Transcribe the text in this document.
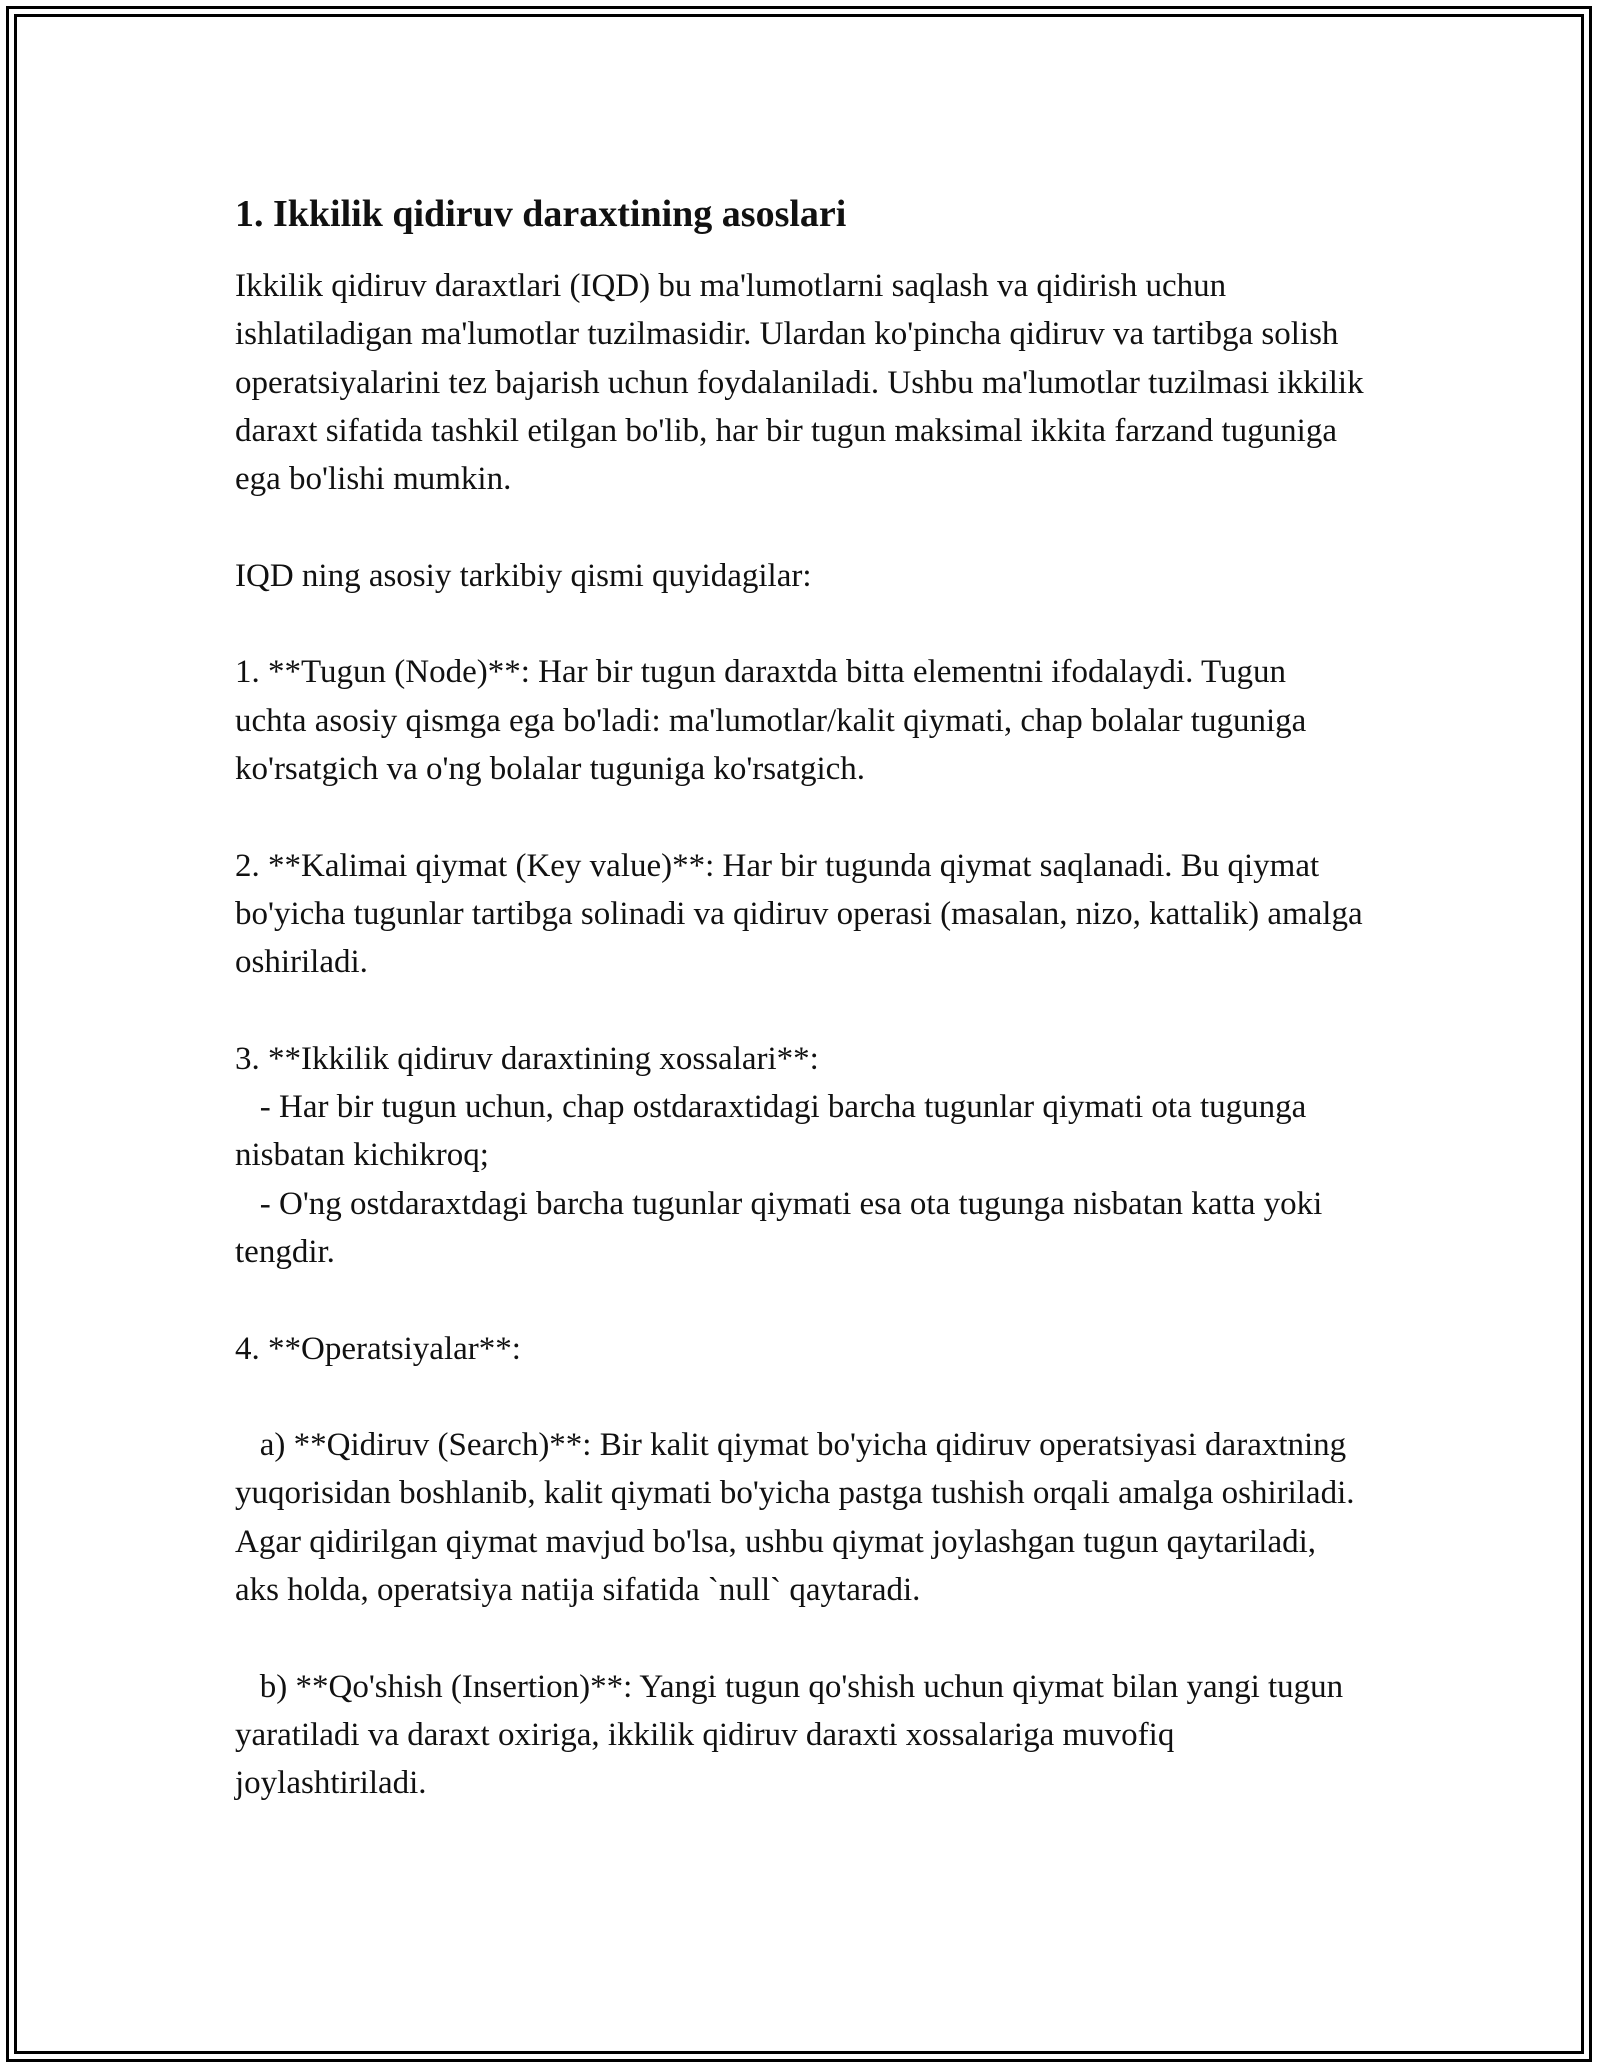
1. Ikkilik qidiruv daraxtining asoslari

Ikkilik qidiruv daraxtlari (IQD) bu ma'lumotlarni saqlash va qidirish uchun ishlatiladigan ma'lumotlar tuzilmasidir. Ulardan ko'pincha qidiruv va tartibga solish operatsiyalarini tez bajarish uchun foydalaniladi. Ushbu ma'lumotlar tuzilmasi ikkilik daraxt sifatida tashkil etilgan bo'lib, har bir tugun maksimal ikkita farzand tuguniga ega bo'lishi mumkin.

IQD ning asosiy tarkibiy qismi quyidagilar:

1. **Tugun (Node)**: Har bir tugun daraxtda bitta elementni ifodalaydi. Tugun uchta asosiy qismga ega bo'ladi: ma'lumotlar/kalit qiymati, chap bolalar tuguniga ko'rsatgich va o'ng bolalar tuguniga ko'rsatgich.

2. **Kalimai qiymat (Key value)**: Har bir tugunda qiymat saqlanadi. Bu qiymat bo'yicha tugunlar tartibga solinadi va qidiruv operasi (masalan, nizo, kattalik) amalga oshiriladi.

3. **Ikkilik qidiruv daraxtining xossalari**:
- Har bir tugun uchun, chap ostdaraxtidagi barcha tugunlar qiymati ota tugunga nisbatan kichikroq;
- O'ng ostdaraxtdagi barcha tugunlar qiymati esa ota tugunga nisbatan katta yoki tengdir.

4. **Operatsiyalar**:

a) **Qidiruv (Search)**: Bir kalit qiymat bo'yicha qidiruv operatsiyasi daraxtning yuqorisidan boshlanib, kalit qiymati bo'yicha pastga tushish orqali amalga oshiriladi. Agar qidirilgan qiymat mavjud bo'lsa, ushbu qiymat joylashgan tugun qaytariladi, aks holda, operatsiya natija sifatida `null` qaytaradi.

b) **Qo'shish (Insertion)**: Yangi tugun qo'shish uchun qiymat bilan yangi tugun yaratiladi va daraxt oxiriga, ikkilik qidiruv daraxti xossalariga muvofiq joylashtiriladi.
